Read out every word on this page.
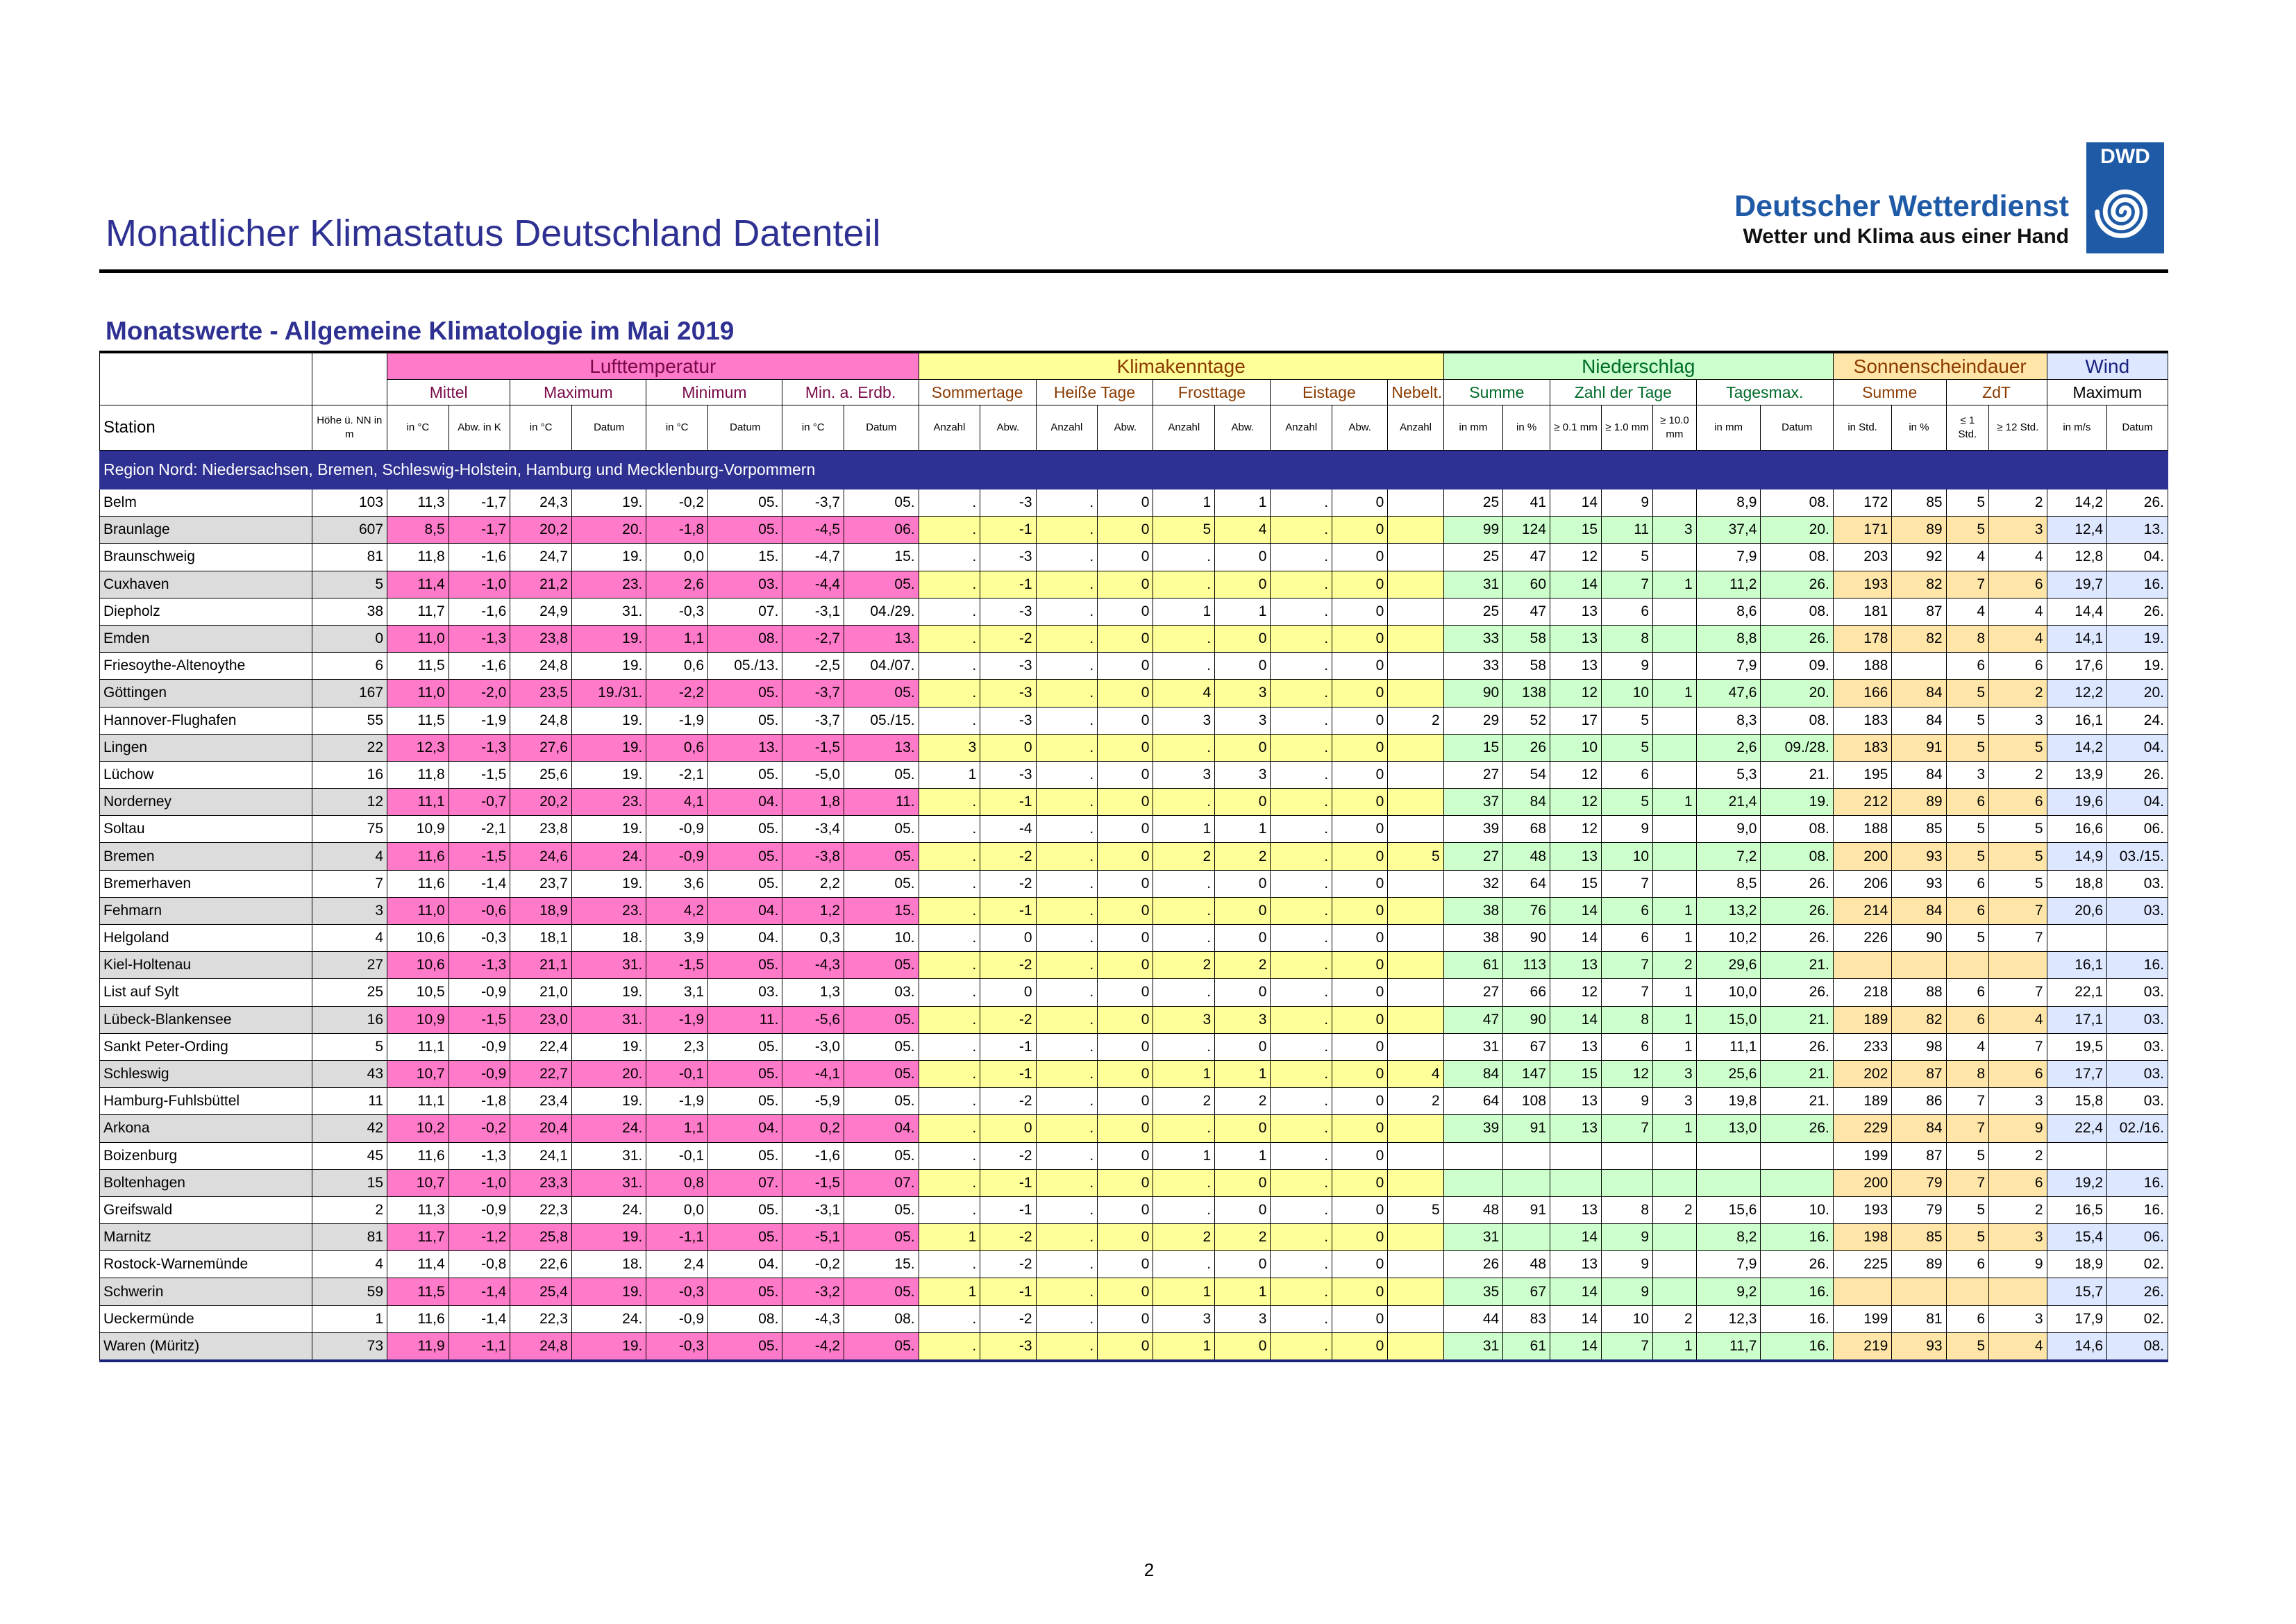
Monatlicher Klimastatus Deutschland Datenteil
Deutscher Wetterdienst
Wetter und Klima aus einer Hand
DWD
Monatswerte - Allgemeine Klimatologie im Mai 2019
		Lufttemperatur								Klimakenntage									Niederschlag							Sonnenscheindauer				Wind	
		Mittel		Maximum		Minimum		Min. a. Erdb.		Sommertage		Heiße Tage		Frosttage		Eistage		Nebelt.	Summe		Zahl der Tage			Tagesmax.		Summe		ZdT		Maximum	
Station	Höhe ü. NN in m	in °C	Abw. in K	in °C	Datum	in °C	Datum	in °C	Datum	Anzahl	Abw.	Anzahl	Abw.	Anzahl	Abw.	Anzahl	Abw.	Anzahl	in mm	in %	≥ 0.1 mm	≥ 1.0 mm	≥ 10.0 mm	in mm	Datum	in Std.	in %	≤ 1 Std.	≥ 12 Std.	in m/s	Datum
Region Nord: Niedersachsen, Bremen, Schleswig-Holstein, Hamburg und Mecklenburg-Vorpommern																															
Belm	103	11,3	-1,7	24,3	19.	-0,2	05.	-3,7	05.	.	-3	.	0	1	1	.	0		25	41	14	9		8,9	08.	172	85	5	2	14,2	26.
Braunlage	607	8,5	-1,7	20,2	20.	-1,8	05.	-4,5	06.	.	-1	.	0	5	4	.	0		99	124	15	11	3	37,4	20.	171	89	5	3	12,4	13.
Braunschweig	81	11,8	-1,6	24,7	19.	0,0	15.	-4,7	15.	.	-3	.	0	.	0	.	0		25	47	12	5		7,9	08.	203	92	4	4	12,8	04.
Cuxhaven	5	11,4	-1,0	21,2	23.	2,6	03.	-4,4	05.	.	-1	.	0	.	0	.	0		31	60	14	7	1	11,2	26.	193	82	7	6	19,7	16.
Diepholz	38	11,7	-1,6	24,9	31.	-0,3	07.	-3,1	04./29.	.	-3	.	0	1	1	.	0		25	47	13	6		8,6	08.	181	87	4	4	14,4	26.
Emden	0	11,0	-1,3	23,8	19.	1,1	08.	-2,7	13.	.	-2	.	0	.	0	.	0		33	58	13	8		8,8	26.	178	82	8	4	14,1	19.
Friesoythe-Altenoythe	6	11,5	-1,6	24,8	19.	0,6	05./13.	-2,5	04./07.	.	-3	.	0	.	0	.	0		33	58	13	9		7,9	09.	188		6	6	17,6	19.
Göttingen	167	11,0	-2,0	23,5	19./31.	-2,2	05.	-3,7	05.	.	-3	.	0	4	3	.	0		90	138	12	10	1	47,6	20.	166	84	5	2	12,2	20.
Hannover-Flughafen	55	11,5	-1,9	24,8	19.	-1,9	05.	-3,7	05./15.	.	-3	.	0	3	3	.	0	2	29	52	17	5		8,3	08.	183	84	5	3	16,1	24.
Lingen	22	12,3	-1,3	27,6	19.	0,6	13.	-1,5	13.	3	0	.	0	.	0	.	0		15	26	10	5		2,6	09./28.	183	91	5	5	14,2	04.
Lüchow	16	11,8	-1,5	25,6	19.	-2,1	05.	-5,0	05.	1	-3	.	0	3	3	.	0		27	54	12	6		5,3	21.	195	84	3	2	13,9	26.
Norderney	12	11,1	-0,7	20,2	23.	4,1	04.	1,8	11.	.	-1	.	0	.	0	.	0		37	84	12	5	1	21,4	19.	212	89	6	6	19,6	04.
Soltau	75	10,9	-2,1	23,8	19.	-0,9	05.	-3,4	05.	.	-4	.	0	1	1	.	0		39	68	12	9		9,0	08.	188	85	5	5	16,6	06.
Bremen	4	11,6	-1,5	24,6	24.	-0,9	05.	-3,8	05.	.	-2	.	0	2	2	.	0	5	27	48	13	10		7,2	08.	200	93	5	5	14,9	03./15.
Bremerhaven	7	11,6	-1,4	23,7	19.	3,6	05.	2,2	05.	.	-2	.	0	.	0	.	0		32	64	15	7		8,5	26.	206	93	6	5	18,8	03.
Fehmarn	3	11,0	-0,6	18,9	23.	4,2	04.	1,2	15.	.	-1	.	0	.	0	.	0		38	76	14	6	1	13,2	26.	214	84	6	7	20,6	03.
Helgoland	4	10,6	-0,3	18,1	18.	3,9	04.	0,3	10.	.	0	.	0	.	0	.	0		38	90	14	6	1	10,2	26.	226	90	5	7		
Kiel-Holtenau	27	10,6	-1,3	21,1	31.	-1,5	05.	-4,3	05.	.	-2	.	0	2	2	.	0		61	113	13	7	2	29,6	21.					16,1	16.
List auf Sylt	25	10,5	-0,9	21,0	19.	3,1	03.	1,3	03.	.	0	.	0	.	0	.	0		27	66	12	7	1	10,0	26.	218	88	6	7	22,1	03.
Lübeck-Blankensee	16	10,9	-1,5	23,0	31.	-1,9	11.	-5,6	05.	.	-2	.	0	3	3	.	0		47	90	14	8	1	15,0	21.	189	82	6	4	17,1	03.
Sankt Peter-Ording	5	11,1	-0,9	22,4	19.	2,3	05.	-3,0	05.	.	-1	.	0	.	0	.	0		31	67	13	6	1	11,1	26.	233	98	4	7	19,5	03.
Schleswig	43	10,7	-0,9	22,7	20.	-0,1	05.	-4,1	05.	.	-1	.	0	1	1	.	0	4	84	147	15	12	3	25,6	21.	202	87	8	6	17,7	03.
Hamburg-Fuhlsbüttel	11	11,1	-1,8	23,4	19.	-1,9	05.	-5,9	05.	.	-2	.	0	2	2	.	0	2	64	108	13	9	3	19,8	21.	189	86	7	3	15,8	03.
Arkona	42	10,2	-0,2	20,4	24.	1,1	04.	0,2	04.	.	0	.	0	.	0	.	0		39	91	13	7	1	13,0	26.	229	84	7	9	22,4	02./16.
Boizenburg	45	11,6	-1,3	24,1	31.	-0,1	05.	-1,6	05.	.	-2	.	0	1	1	.	0									199	87	5	2		
Boltenhagen	15	10,7	-1,0	23,3	31.	0,8	07.	-1,5	07.	.	-1	.	0	.	0	.	0									200	79	7	6	19,2	16.
Greifswald	2	11,3	-0,9	22,3	24.	0,0	05.	-3,1	05.	.	-1	.	0	.	0	.	0	5	48	91	13	8	2	15,6	10.	193	79	5	2	16,5	16.
Marnitz	81	11,7	-1,2	25,8	19.	-1,1	05.	-5,1	05.	1	-2	.	0	2	2	.	0		31		14	9		8,2	16.	198	85	5	3	15,4	06.
Rostock-Warnemünde	4	11,4	-0,8	22,6	18.	2,4	04.	-0,2	15.	.	-2	.	0	.	0	.	0		26	48	13	9		7,9	26.	225	89	6	9	18,9	02.
Schwerin	59	11,5	-1,4	25,4	19.	-0,3	05.	-3,2	05.	1	-1	.	0	1	1	.	0		35	67	14	9		9,2	16.					15,7	26.
Ueckermünde	1	11,6	-1,4	22,3	24.	-0,9	08.	-4,3	08.	.	-2	.	0	3	3	.	0		44	83	14	10	2	12,3	16.	199	81	6	3	17,9	02.
Waren (Müritz)	73	11,9	-1,1	24,8	19.	-0,3	05.	-4,2	05.	.	-3	.	0	1	0	.	0		31	61	14	7	1	11,7	16.	219	93	5	4	14,6	08.
2
